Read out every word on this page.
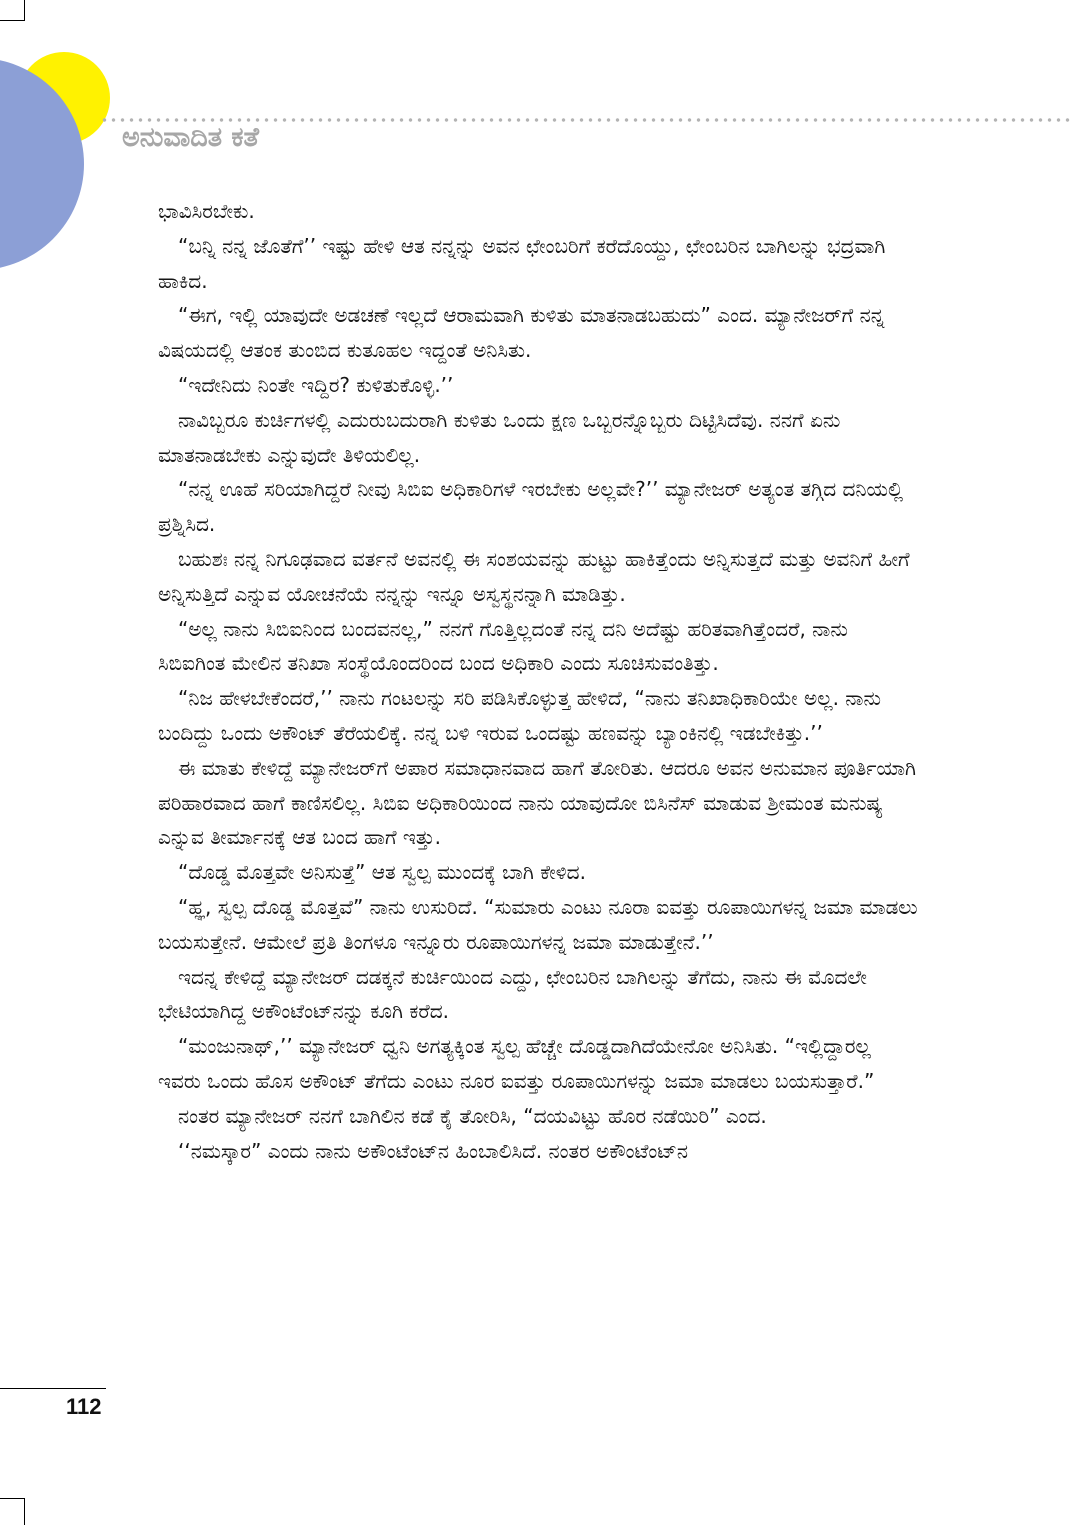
ಅನುವಾದಿತ ಕತೆ

ಭಾವಿಸಿರಬೇಕು.

“ಬನ್ನಿ ನನ್ನ ಜೊತೆಗೆ’’ ಇಷ್ಟು ಹೇಳಿ ಆತ ನನ್ನನ್ನು ಅವನ ಛೇಂಬರಿಗೆ ಕರೆದೊಯ್ದು, ಛೇಂಬರಿನ ಬಾಗಿಲನ್ನು ಭದ್ರವಾಗಿ ಹಾಕಿದ.

“ಈಗ, ಇಲ್ಲಿ ಯಾವುದೇ ಅಡಚಣೆ ಇಲ್ಲದೆ ಆರಾಮವಾಗಿ ಕುಳಿತು ಮಾತನಾಡಬಹುದು” ಎಂದ. ಮ್ಯಾನೇಜರ್‌ಗೆ ನನ್ನ ವಿಷಯದಲ್ಲಿ ಆತಂಕ ತುಂಬಿದ ಕುತೂಹಲ ಇದ್ದಂತೆ ಅನಿಸಿತು.

“ಇದೇನಿದು ನಿಂತೇ ಇದ್ದಿರ? ಕುಳಿತುಕೊಳ್ಳಿ.’’

ನಾವಿಬ್ಬರೂ ಕುರ್ಚಿಗಳಲ್ಲಿ ಎದುರುಬದುರಾಗಿ ಕುಳಿತು ಒಂದು ಕ್ಷಣ ಒಬ್ಬರನ್ನೊಬ್ಬರು ದಿಟ್ಟಿಸಿದೆವು. ನನಗೆ ಏನು ಮಾತನಾಡಬೇಕು ಎನ್ನುವುದೇ ತಿಳಿಯಲಿಲ್ಲ.

“ನನ್ನ ಊಹೆ ಸರಿಯಾಗಿದ್ದರೆ ನೀವು ಸಿಬಿಐ ಅಧಿಕಾರಿಗಳೆ ಇರಬೇಕು ಅಲ್ಲವೇ?’’ ಮ್ಯಾನೇಜರ್ ಅತ್ಯಂತ ತಗ್ಗಿದ ದನಿಯಲ್ಲಿ ಪ್ರಶ್ನಿಸಿದ.

ಬಹುಶಃ ನನ್ನ ನಿಗೂಢವಾದ ವರ್ತನೆ ಅವನಲ್ಲಿ ಈ ಸಂಶಯವನ್ನು ಹುಟ್ಟು ಹಾಕಿತ್ತೆಂದು ಅನ್ನಿಸುತ್ತದೆ ಮತ್ತು ಅವನಿಗೆ ಹೀಗೆ ಅನ್ನಿಸುತ್ತಿದೆ ಎನ್ನುವ ಯೋಚನೆಯೆ ನನ್ನನ್ನು ಇನ್ನೂ ಅಸ್ವಸ್ಥನನ್ನಾಗಿ ಮಾಡಿತ್ತು.

“ಅಲ್ಲ ನಾನು ಸಿಬಿಐನಿಂದ ಬಂದವನಲ್ಲ,” ನನಗೆ ಗೊತ್ತಿಲ್ಲದಂತೆ ನನ್ನ ದನಿ ಅದೆಷ್ಟು ಹರಿತವಾಗಿತ್ತೆಂದರೆ, ನಾನು ಸಿಬಿಐಗಿಂತ ಮೇಲಿನ ತನಿಖಾ ಸಂಸ್ಥೆಯೊಂದರಿಂದ ಬಂದ ಅಧಿಕಾರಿ ಎಂದು ಸೂಚಿಸುವಂತಿತ್ತು.

“ನಿಜ ಹೇಳಬೇಕೆಂದರೆ,’’ ನಾನು ಗಂಟಲನ್ನು ಸರಿ ಪಡಿಸಿಕೊಳ್ಳುತ್ತ ಹೇಳಿದೆ, “ನಾನು ತನಿಖಾಧಿಕಾರಿಯೇ ಅಲ್ಲ. ನಾನು ಬಂದಿದ್ದು ಒಂದು ಅಕೌಂಟ್ ತೆರೆಯಲಿಕ್ಕೆ. ನನ್ನ ಬಳಿ ಇರುವ ಒಂದಷ್ಟು ಹಣವನ್ನು ಬ್ಯಾಂಕಿನಲ್ಲಿ ಇಡಬೇಕಿತ್ತು.’’

ಈ ಮಾತು ಕೇಳಿದ್ದೆ ಮ್ಯಾನೇಜರ್‌ಗೆ ಅಪಾರ ಸಮಾಧಾನವಾದ ಹಾಗೆ ತೋರಿತು. ಆದರೂ ಅವನ ಅನುಮಾನ ಪೂರ್ತಿಯಾಗಿ ಪರಿಹಾರವಾದ ಹಾಗೆ ಕಾಣಿಸಲಿಲ್ಲ. ಸಿಬಿಐ ಅಧಿಕಾರಿಯಿಂದ ನಾನು ಯಾವುದೋ ಬಿಸಿನೆಸ್ ಮಾಡುವ ಶ್ರೀಮಂತ ಮನುಷ್ಯ ಎನ್ನುವ ತೀರ್ಮಾನಕ್ಕೆ ಆತ ಬಂದ ಹಾಗೆ ಇತ್ತು.

“ದೊಡ್ಡ ಮೊತ್ತವೇ ಅನಿಸುತ್ತೆ” ಆತ ಸ್ವಲ್ಪ ಮುಂದಕ್ಕೆ ಬಾಗಿ ಕೇಳಿದ.

“ಹ್ಞ, ಸ್ವಲ್ಪ ದೊಡ್ಡ ಮೊತ್ತವೆ” ನಾನು ಉಸುರಿದೆ. “ಸುಮಾರು ಎಂಟು ನೂರಾ ಐವತ್ತು ರೂಪಾಯಿಗಳನ್ನ ಜಮಾ ಮಾಡಲು ಬಯಸುತ್ತೇನೆ. ಆಮೇಲೆ ಪ್ರತಿ ತಿಂಗಳೂ ಇನ್ನೂರು ರೂಪಾಯಿಗಳನ್ನ ಜಮಾ ಮಾಡುತ್ತೇನೆ.’’

ಇದನ್ನ ಕೇಳಿದ್ದೆ ಮ್ಯಾನೇಜರ್ ದಡಕ್ಕನೆ ಕುರ್ಚಿಯಿಂದ ಎದ್ದು, ಛೇಂಬರಿನ ಬಾಗಿಲನ್ನು ತೆಗೆದು, ನಾನು ಈ ಮೊದಲೇ ಭೇಟಿಯಾಗಿದ್ದ ಅಕೌಂಟೆಂಟ್‌ನನ್ನು ಕೂಗಿ ಕರೆದ.

“ಮಂಜುನಾಥ್,’’ ಮ್ಯಾನೇಜರ್ ಧ್ವನಿ ಅಗತ್ಯಕ್ಕಿಂತ ಸ್ವಲ್ಪ ಹೆಚ್ಚೇ ದೊಡ್ಡದಾಗಿದೆಯೇನೋ ಅನಿಸಿತು. “ಇಲ್ಲಿದ್ದಾರಲ್ಲ ಇವರು ಒಂದು ಹೊಸ ಅಕೌಂಟ್ ತೆಗೆದು ಎಂಟು ನೂರ ಐವತ್ತು ರೂಪಾಯಿಗಳನ್ನು ಜಮಾ ಮಾಡಲು ಬಯಸುತ್ತಾರೆ.”

ನಂತರ ಮ್ಯಾನೇಜರ್ ನನಗೆ ಬಾಗಿಲಿನ ಕಡೆ ಕೈ ತೋರಿಸಿ, “ದಯವಿಟ್ಟು ಹೊರ ನಡೆಯಿರಿ” ಎಂದ.

‘‘ನಮಸ್ಕಾರ” ಎಂದು ನಾನು ಅಕೌಂಟೆಂಟ್‌ನ ಹಿಂಬಾಲಿಸಿದೆ. ನಂತರ ಅಕೌಂಟೆಂಟ್‌ನ

112
